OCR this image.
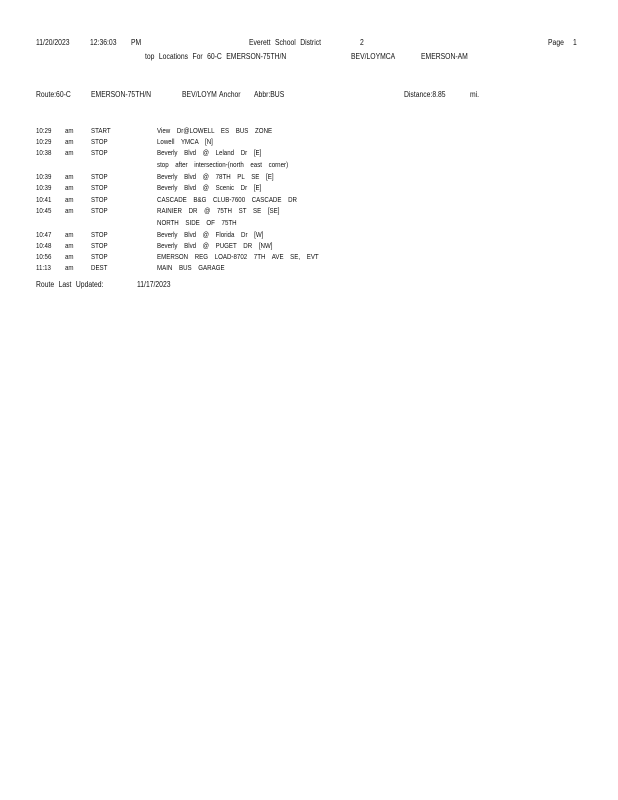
11/20/2023	12:36:03 PM	Everett School District	2	Page 1
top Locations For 60-C EMERSON-75TH/N	BEV/LOYMCA	EMERSON-AM
Route:60-C	EMERSON-75TH/N	BEV/LOYM Anchor Abbr:BUS	Distance:8.85	mi.
10:29 am START	View Dr@LOWELL ES BUS ZONE
10:29 am STOP	Lowell YMCA [N]
10:38 am STOP	Beverly Blvd @ Leland Dr [E]
stop after intersection-(north east corner)
10:39 am STOP	Beverly Blvd @ 78TH PL SE [E]
10:39 am STOP	Beverly Blvd @ Scenic Dr [E]
10:41 am STOP	CASCADE B&G CLUB-7600 CASCADE DR
10:45 am STOP	RAINIER DR @ 75TH ST SE [SE]
NORTH SIDE OF 75TH
10:47 am STOP	Beverly Blvd @ Florida Dr [W]
10:48 am STOP	Beverly Blvd @ PUGET DR [NW]
10:56 am STOP	EMERSON REG LOAD-8702 7TH AVE SE, EVT
11:13 am DEST	MAIN BUS GARAGE
Route Last Updated:	11/17/2023
